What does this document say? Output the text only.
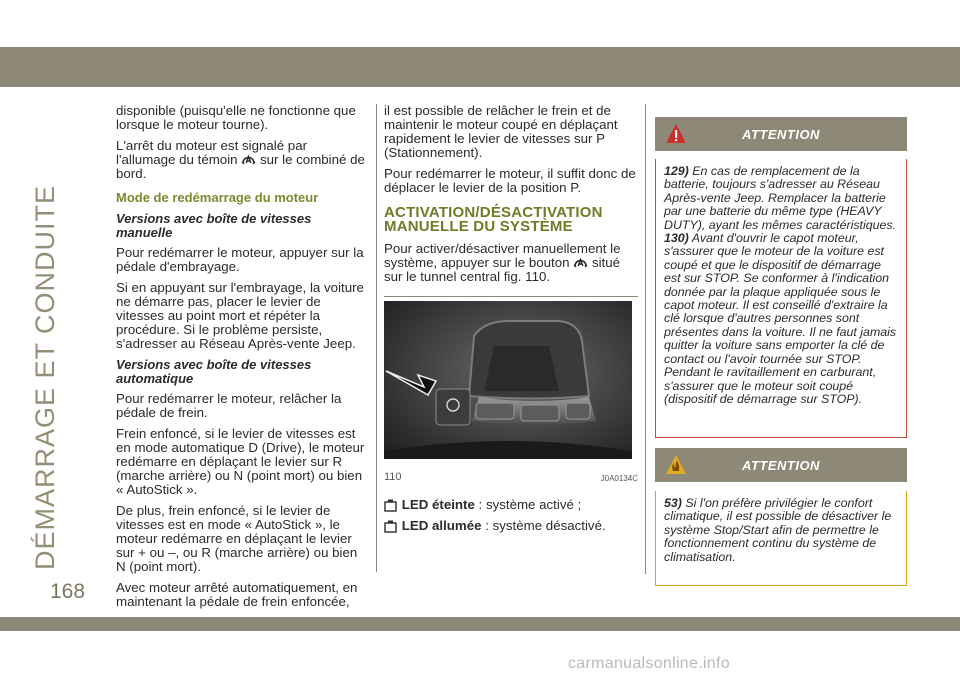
DÉMARRAGE ET CONDUITE
168

disponible (puisqu'elle ne fonctionne que lorsque le moteur tourne).

L'arrêt du moteur est signalé par l'allumage du témoin sur le combiné de bord.

Mode de redémarrage du moteur
Versions avec boîte de vitesses manuelle

Pour redémarrer le moteur, appuyer sur la pédale d'embrayage.

Si en appuyant sur l'embrayage, la voiture ne démarre pas, placer le levier de vitesses au point mort et répéter la procédure. Si le problème persiste, s'adresser au Réseau Après-vente Jeep.

Versions avec boîte de vitesses automatique

Pour redémarrer le moteur, relâcher la pédale de frein.

Frein enfoncé, si le levier de vitesses est en mode automatique D (Drive), le moteur redémarre en déplaçant le levier sur R (marche arrière) ou N (point mort) ou bien « AutoStick ».

De plus, frein enfoncé, si le levier de vitesses est en mode « AutoStick », le moteur redémarre en déplaçant le levier sur + ou –, ou R (marche arrière) ou bien N (point mort).

Avec moteur arrêté automatiquement, en maintenant la pédale de frein enfoncée,

il est possible de relâcher le frein et de maintenir le moteur coupé en déplaçant rapidement le levier de vitesses sur P (Stationnement).

Pour redémarrer le moteur, il suffit donc de déplacer le levier de la position P.

ACTIVATION/DÉSACTIVATION MANUELLE DU SYSTÈME

Pour activer/désactiver manuellement le système, appuyer sur le bouton situé sur le tunnel central fig. 110.

110	J0A0134C

LED éteinte : système activé ;

LED allumée : système désactivé.

ATTENTION
129) En cas de remplacement de la batterie, toujours s'adresser au Réseau Après-vente Jeep. Remplacer la batterie par une batterie du même type (HEAVY DUTY), ayant les mêmes caractéristiques.
130) Avant d'ouvrir le capot moteur, s'assurer que le moteur de la voiture est coupé et que le dispositif de démarrage est sur STOP. Se conformer à l'indication donnée par la plaque appliquée sous le capot moteur. Il est conseillé d'extraire la clé lorsque d'autres personnes sont présentes dans la voiture. Il ne faut jamais quitter la voiture sans emporter la clé de contact ou l'avoir tournée sur STOP. Pendant le ravitaillement en carburant, s'assurer que le moteur soit coupé (dispositif de démarrage sur STOP).
ATTENTION
53) Si l'on préfère privilégier le confort climatique, il est possible de désactiver le système Stop/Start afin de permettre le fonctionnement continu du système de climatisation.
carmanualsonline.info
